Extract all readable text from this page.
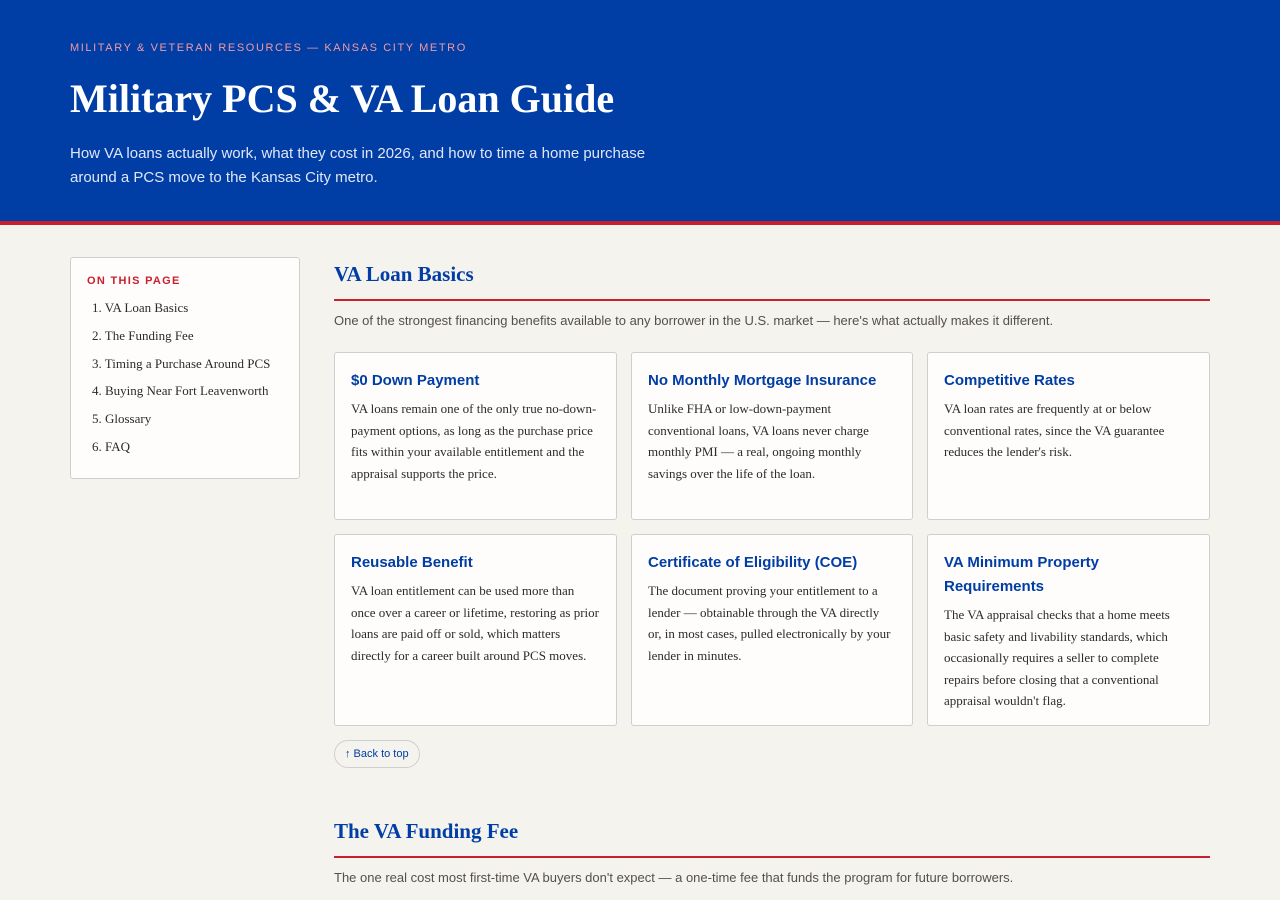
MILITARY & VETERAN RESOURCES — KANSAS CITY METRO
Military PCS & VA Loan Guide

How VA loans actually work, what they cost in 2026, and how to time a home purchase around a PCS move to the Kansas City metro.

ON THIS PAGE
1. VA Loan Basics
2. The Funding Fee
3. Timing a Purchase Around PCS
4. Buying Near Fort Leavenworth
5. Glossary
6. FAQ
VA Loan Basics

One of the strongest financing benefits available to any borrower in the U.S. market — here's what actually makes it different.

$0 Down Payment

VA loans remain one of the only true no-down-payment options, as long as the purchase price fits within your available entitlement and the appraisal supports the price.

No Monthly Mortgage Insurance

Unlike FHA or low-down-payment conventional loans, VA loans never charge monthly PMI — a real, ongoing monthly savings over the life of the loan.

Competitive Rates

VA loan rates are frequently at or below conventional rates, since the VA guarantee reduces the lender's risk.

Reusable Benefit

VA loan entitlement can be used more than once over a career or lifetime, restoring as prior loans are paid off or sold, which matters directly for a career built around PCS moves.

Certificate of Eligibility (COE)

The document proving your entitlement to a lender — obtainable through the VA directly or, in most cases, pulled electronically by your lender in minutes.

VA Minimum Property Requirements

The VA appraisal checks that a home meets basic safety and livability standards, which occasionally requires a seller to complete repairs before closing that a conventional appraisal wouldn't flag.

↑ Back to top
The VA Funding Fee

The one real cost most first-time VA buyers don't expect — a one-time fee that funds the program for future borrowers.
